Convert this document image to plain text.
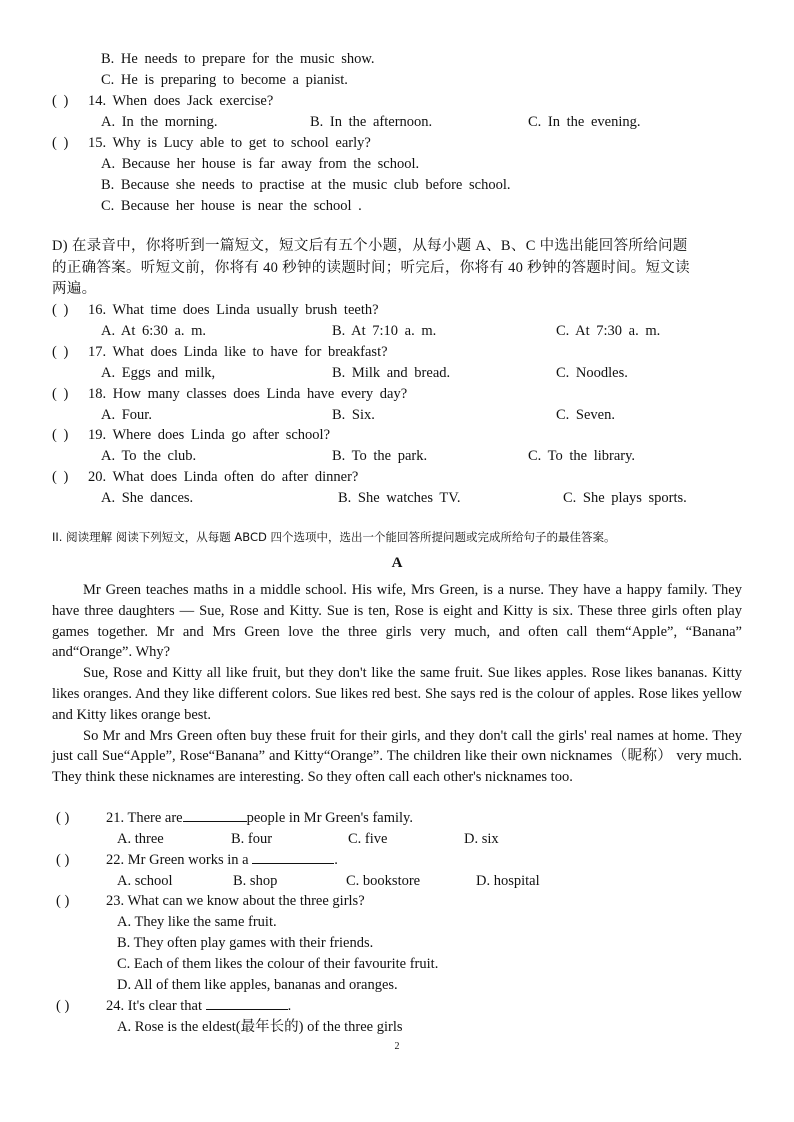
B. He needs to prepare for the music show.
C. He is preparing to become a pianist.
( ) 14. When does Jack exercise?
A. In the morning.	B. In the afternoon.	C. In the evening.
( ) 15. Why is Lucy able to get to school early?
A. Because her house is far away from the school.
B. Because she needs to practise at the music club before school.
C. Because her house is near the school .
D) 在录音中，你将听到一篇短文，短文后有五个小题，从每小题 A、B、C 中选出能回答所给问题
的正确答案。听短文前，你将有 40 秒钟的读题时间；听完后，你将有 40 秒钟的答题时间。短文读
两遍。
( ) 16. What time does Linda usually brush teeth?
A. At 6:30 a. m.	B. At 7:10 a. m.	C. At 7:30 a. m.
( ) 17. What does Linda like to have for breakfast?
A. Eggs and milk,	B. Milk and bread.	C. Noodles.
( ) 18. How many classes does Linda have every day?
A. Four.	B. Six.	C. Seven.
( ) 19. Where does Linda go after school?
A. To the club.	B. To the park.	C. To the library.
( ) 20. What does Linda often do after dinner?
A. She dances.	B. She watches TV.	C. She plays sports.
II. 阅读理解 阅读下列短文，从每题 ABCD 四个选项中，选出一个能回答所提问题或完成所给句子的最佳答案。
A

Mr Green teaches maths in a middle school. His wife, Mrs Green, is a nurse. They have a happy family. They have three daughters — Sue, Rose and Kitty. Sue is ten, Rose is eight and Kitty is six. These three girls often play games together. Mr and Mrs Green love the three girls very much, and often call them“Apple”, “Banana” and“Orange”. Why?

Sue, Rose and Kitty all like fruit, but they don't like the same fruit. Sue likes apples. Rose likes bananas. Kitty likes oranges. And they like different colors. Sue likes red best. She says red is the colour of apples. Rose likes yellow and Kitty likes orange best.

So Mr and Mrs Green often buy these fruit for their girls, and they don't call the girls' real names at home. They just call Sue“Apple”, Rose“Banana” and Kitty“Orange”. The children like their own nicknames（昵称） very much. They think these nicknames are interesting. So they often call each other's nicknames too.

( )	21. There are	people in Mr Green's family.
A. three	B. four	C. five	D. six
( )	22. Mr Green works in a	.
A. school	B. shop	C. bookstore	D. hospital
( )	23. What can we know about the three girls?
A. They like the same fruit.
B. They often play games with their friends.
C. Each of them likes the colour of their favourite fruit.
D. All of them like apples, bananas and oranges.
( )	24. It's clear that	.
A. Rose is the eldest(最年长的) of the three girls
2
